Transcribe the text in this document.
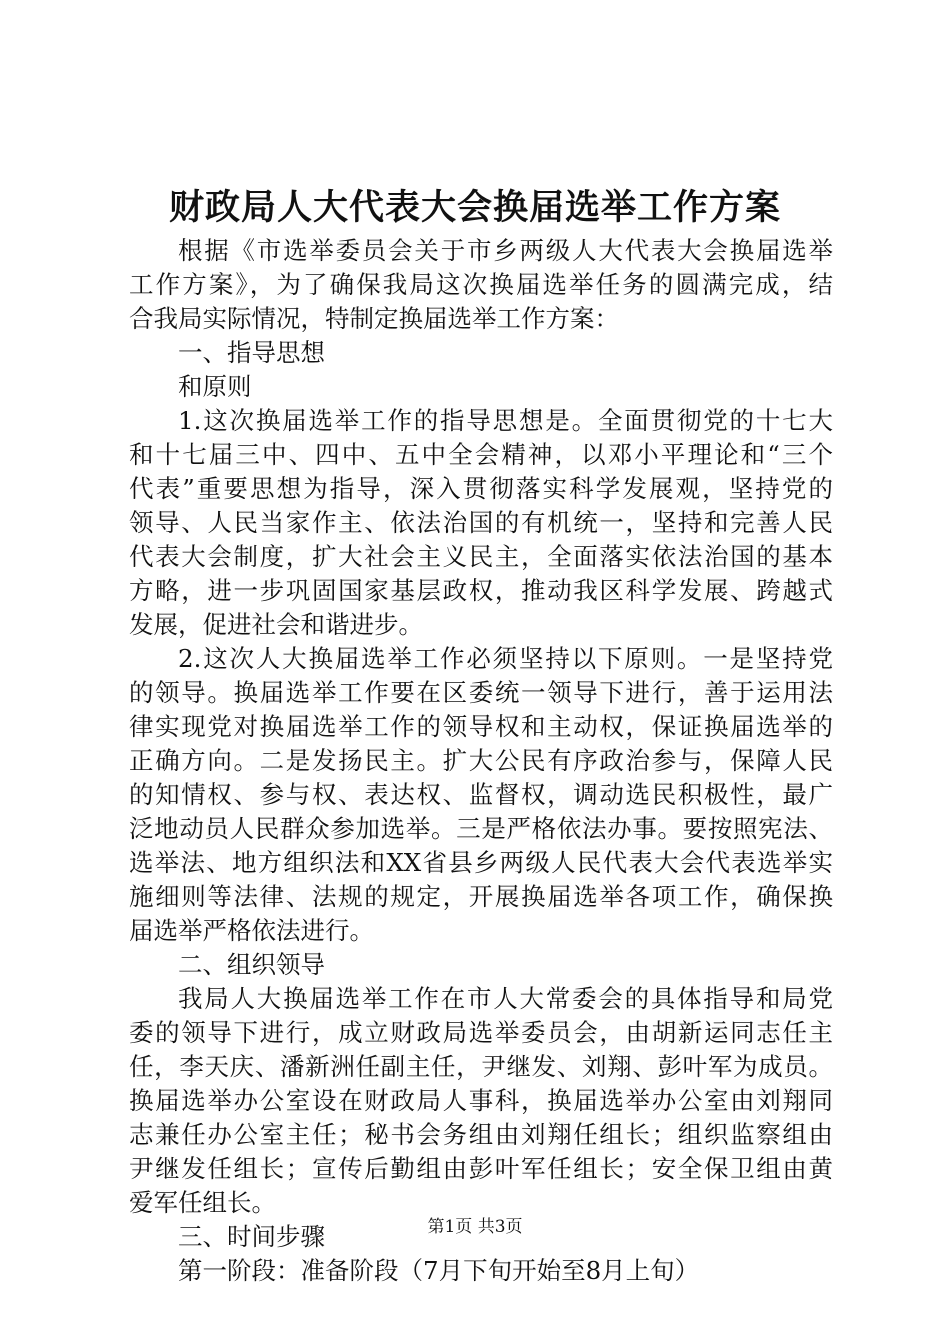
财政局人大代表大会换届选举工作方案
根据《市选举委员会关于市乡两级人大代表大会换届选举
工作方案》，为了确保我局这次换届选举任务的圆满完成，结
合我局实际情况，特制定换届选举工作方案：
一、指导思想
和原则
1.这次换届选举工作的指导思想是。全面贯彻党的十七大
和十七届三中、四中、五中全会精神，以邓小平理论和“三个
代表”重要思想为指导，深入贯彻落实科学发展观，坚持党的
领导、人民当家作主、依法治国的有机统一，坚持和完善人民
代表大会制度，扩大社会主义民主，全面落实依法治国的基本
方略，进一步巩固国家基层政权，推动我区科学发展、跨越式
发展，促进社会和谐进步。
2.这次人大换届选举工作必须坚持以下原则。一是坚持党
的领导。换届选举工作要在区委统一领导下进行，善于运用法
律实现党对换届选举工作的领导权和主动权，保证换届选举的
正确方向。二是发扬民主。扩大公民有序政治参与，保障人民
的知情权、参与权、表达权、监督权，调动选民积极性，最广
泛地动员人民群众参加选举。三是严格依法办事。要按照宪法、
选举法、地方组织法和XX省县乡两级人民代表大会代表选举实
施细则等法律、法规的规定，开展换届选举各项工作，确保换
届选举严格依法进行。
二、组织领导
我局人大换届选举工作在市人大常委会的具体指导和局党
委的领导下进行，成立财政局选举委员会，由胡新运同志任主
任，李天庆、潘新洲任副主任，尹继发、刘翔、彭叶军为成员。
换届选举办公室设在财政局人事科，换届选举办公室由刘翔同
志兼任办公室主任；秘书会务组由刘翔任组长；组织监察组由
尹继发任组长；宣传后勤组由彭叶军任组长；安全保卫组由黄
爱军任组长。
三、时间步骤
第一阶段：准备阶段（7月下旬开始至8月上旬）
第1页 共3页
